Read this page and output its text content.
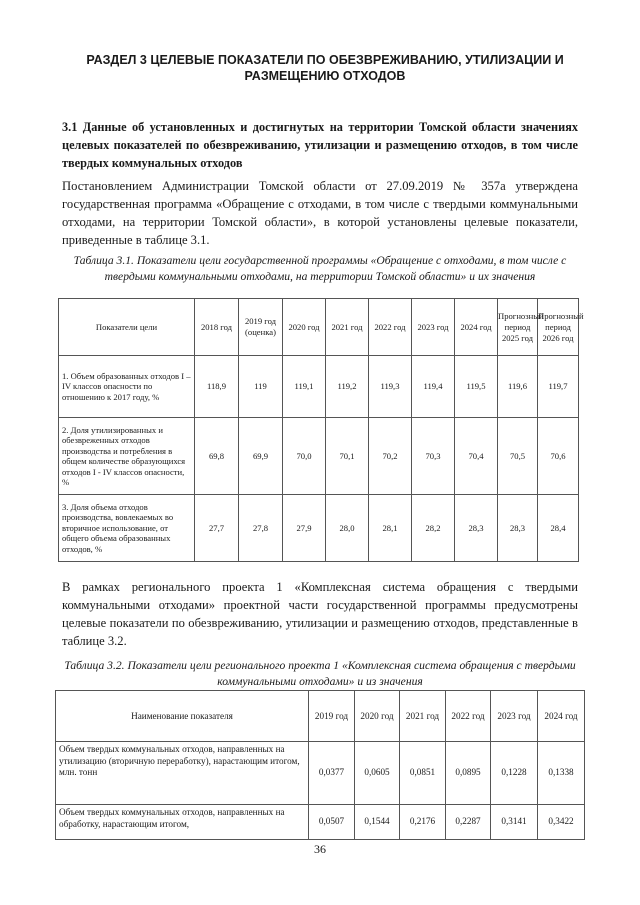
РАЗДЕЛ 3 ЦЕЛЕВЫЕ ПОКАЗАТЕЛИ ПО ОБЕЗВРЕЖИВАНИЮ, УТИЛИЗАЦИИ И РАЗМЕЩЕНИЮ ОТХОДОВ
3.1 Данные об установленных и достигнутых на территории Томской области значениях целевых показателей по обезвреживанию, утилизации и размещению отходов, в том числе твердых коммунальных отходов

Постановлением Администрации Томской области от 27.09.2019 № 357а утверждена государственная программа «Обращение с отходами, в том числе с твердыми коммунальными отходами, на территории Томской области», в которой установлены целевые показатели, приведенные в таблице 3.1.

Таблица 3.1. Показатели цели государственной программы «Обращение с отходами, в том числе с твердыми коммунальными отходами, на территории Томской области» и их значения

Показатели цели	2018 год	2019 год (оценка)	2020 год	2021 год	2022 год	2023 год	2024 год	Прогнозный период 2025 год	Прогнозный период 2026 год
1. Объем образованных отходов I – IV классов опасности по отношению к 2017 году, %	118,9	119	119,1	119,2	119,3	119,4	119,5	119,6	119,7
2. Доля утилизированных и обезвреженных отходов производства и потребления в общем количестве образующихся отходов I - IV классов опасности, %	69,8	69,9	70,0	70,1	70,2	70,3	70,4	70,5	70,6
3. Доля объема отходов производства, вовлекаемых во вторичное использование, от общего объема образованных отходов, %	27,7	27,8	27,9	28,0	28,1	28,2	28,3	28,3	28,4

В рамках регионального проекта 1 «Комплексная система обращения с твердыми коммунальными отходами» проектной части государственной программы предусмотрены целевые показатели по обезвреживанию, утилизации и размещению отходов, представленные в таблице 3.2.

Таблица 3.2. Показатели цели регионального проекта 1 «Комплексная система обращения с твердыми коммунальными отходами» и из значения

Наименование показателя	2019 год	2020 год	2021 год	2022 год	2023 год	2024 год
Объем твердых коммунальных отходов, направленных на утилизацию (вторичную переработку), нарастающим итогом, млн. тонн	0,0377	0,0605	0,0851	0,0895	0,1228	0,1338
Объем твердых коммунальных отходов, направленных на обработку, нарастающим итогом,	0,0507	0,1544	0,2176	0,2287	0,3141	0,3422

36
